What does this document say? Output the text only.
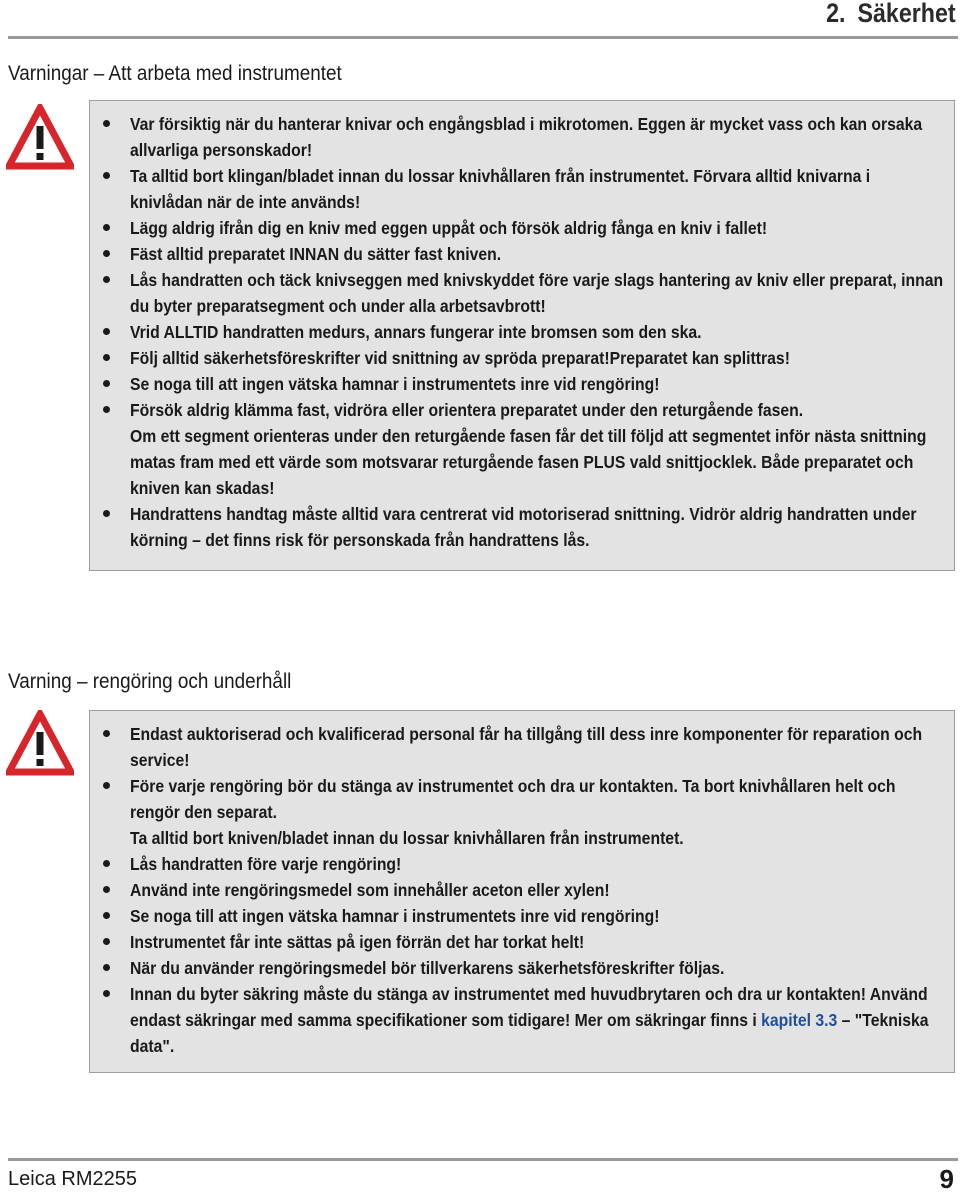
2. Säkerhet
Varningar – Att arbeta med instrumentet
Var försiktig när du hanterar knivar och engångsblad i mikrotomen. Eggen är mycket vass och kan orsaka allvarliga personskador!
Ta alltid bort klingan/bladet innan du lossar knivhållaren från instrumentet. Förvara alltid knivarna i knivlådan när de inte används!
Lägg aldrig ifrån dig en kniv med eggen uppåt och försök aldrig fånga en kniv i fallet!
Fäst alltid preparatet INNAN du sätter fast kniven.
Lås handratten och täck knivseggen med knivskyddet före varje slags hantering av kniv eller preparat, innan du byter preparatsegment och under alla arbetsavbrott!
Vrid ALLTID handratten medurs, annars fungerar inte bromsen som den ska.
Följ alltid säkerhetsföreskrifter vid snittning av spröda preparat!Preparatet kan splittras!
Se noga till att ingen vätska hamnar i instrumentets inre vid rengöring!
Försök aldrig klämma fast, vidröra eller orientera preparatet under den returgående fasen.
Om ett segment orienteras under den returgående fasen får det till följd att segmentet inför nästa snittning matas fram med ett värde som motsvarar returgående fasen PLUS vald snittjocklek. Både preparatet och kniven kan skadas!
Handrattens handtag måste alltid vara centrerat vid motoriserad snittning. Vidrör aldrig handratten under körning – det finns risk för personskada från handrattens lås.
Varning – rengöring och underhåll
Endast auktoriserad och kvalificerad personal får ha tillgång till dess inre komponenter för reparation och service!
Före varje rengöring bör du stänga av instrumentet och dra ur kontakten. Ta bort knivhållaren helt och rengör den separat.
Ta alltid bort kniven/bladet innan du lossar knivhållaren från instrumentet.
Lås handratten före varje rengöring!
Använd inte rengöringsmedel som innehåller aceton eller xylen!
Se noga till att ingen vätska hamnar i instrumentets inre vid rengöring!
Instrumentet får inte sättas på igen förrän det har torkat helt!
När du använder rengöringsmedel bör tillverkarens säkerhetsföreskrifter följas.
Innan du byter säkring måste du stänga av instrumentet med huvudbrytaren och dra ur kontakten! Använd endast säkringar med samma specifikationer som tidigare! Mer om säkringar finns i kapitel 3.3 – "Tekniska data".
Leica RM2255	9
